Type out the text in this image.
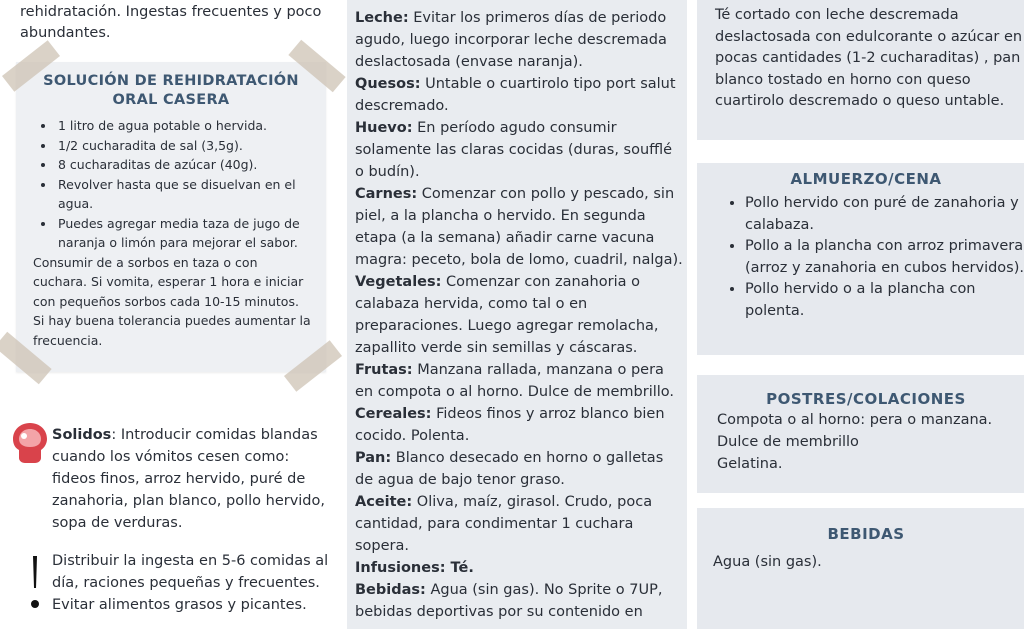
rehidratación. Ingestas frecuentes y poco abundantes.
SOLUCIÓN DE REHIDRATACIÓN
ORAL CASERA
• 1 litro de agua potable o hervida.
• 1/2 cucharadita de sal (3,5g).
• 8 cucharaditas de azúcar (40g).
• Revolver hasta que se disuelvan en el agua.
• Puedes agregar media taza de jugo de naranja o limón para mejorar el sabor.

Consumir de a sorbos en taza o con cuchara. Si vomita, esperar 1 hora e iniciar con pequeños sorbos cada 10-15 minutos. Si hay buena tolerancia puedes aumentar la frecuencia.

Solidos: Introducir comidas blandas cuando los vómitos cesen como: fideos finos, arroz hervido, puré de zanahoria, plan blanco, pollo hervido, sopa de verduras.
Distribuir la ingesta en 5-6 comidas al día, raciones pequeñas y frecuentes.
Evitar alimentos grasos y picantes.
Leche: Evitar los primeros días de periodo agudo, luego incorporar leche descremada deslactosada (envase naranja).
Quesos: Untable o cuartirolo tipo port salut descremado.
Huevo: En período agudo consumir solamente las claras cocidas (duras, soufflé o budín).
Carnes: Comenzar con pollo y pescado, sin piel, a la plancha o hervido. En segunda etapa (a la semana) añadir carne vacuna magra: peceto, bola de lomo, cuadril, nalga).
Vegetales: Comenzar con zanahoria o calabaza hervida, como tal o en preparaciones. Luego agregar remolacha, zapallito verde sin semillas y cáscaras.
Frutas: Manzana rallada, manzana o pera en compota o al horno. Dulce de membrillo.
Cereales: Fideos finos y arroz blanco bien cocido. Polenta.
Pan: Blanco desecado en horno o galletas de agua de bajo tenor graso.
Aceite: Oliva, maíz, girasol. Crudo, poca cantidad, para condimentar 1 cuchara sopera.
Infusiones: Té.
Bebidas: Agua (sin gas). No Sprite o 7UP, bebidas deportivas por su contenido en

Té cortado con leche descremada deslactosada con edulcorante o azúcar en pocas cantidades (1-2 cucharaditas) , pan blanco tostado en horno con queso cuartirolo descremado o queso untable.

ALMUERZO/CENA
• Pollo hervido con puré de zanahoria y calabaza.
• Pollo a la plancha con arroz primavera (arroz y zanahoria en cubos hervidos).
• Pollo hervido o a la plancha con polenta.
POSTRES/COLACIONES

Compota o al horno: pera o manzana.

Dulce de membrillo

Gelatina.

BEBIDAS

Agua (sin gas).
